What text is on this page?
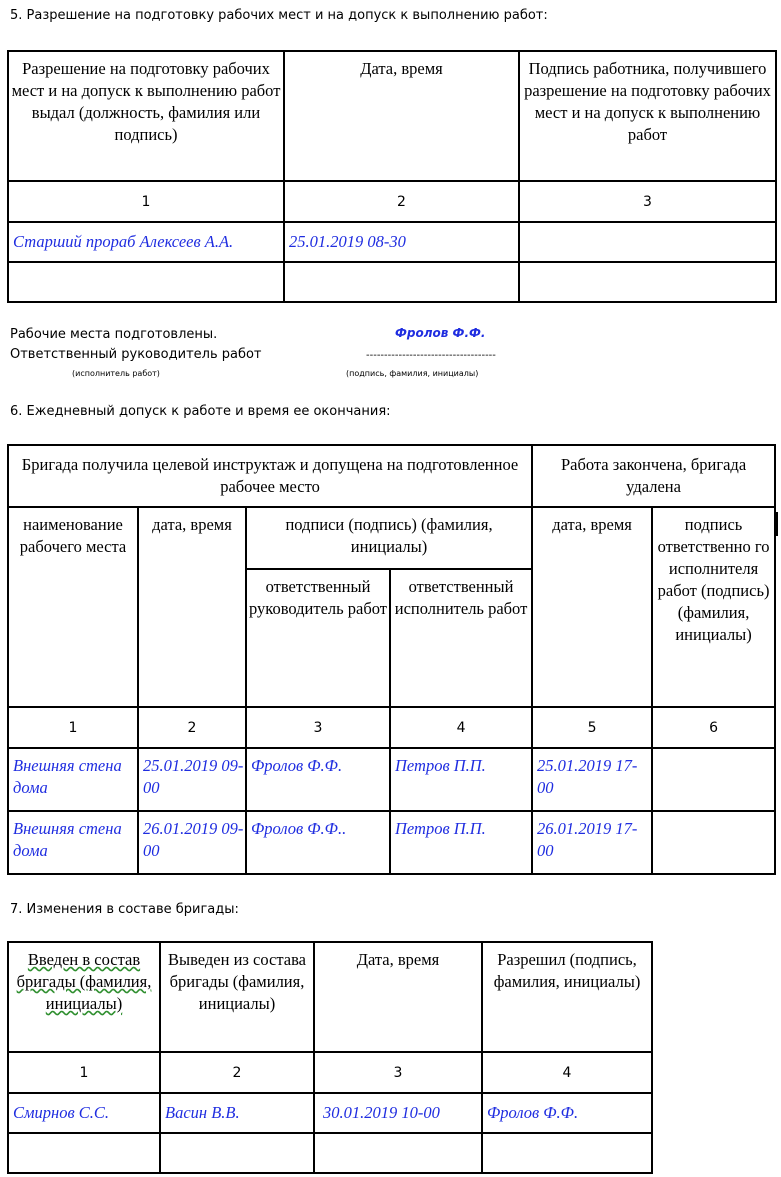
5. Разрешение на подготовку рабочих мест и на допуск к выполнению работ:
Разрешение на подготовку рабочих мест и на допуск к выполнению работ выдал (должность, фамилия или подпись)	Дата, время	Подпись работника, получившего разрешение на подготовку рабочих мест и на допуск к выполнению работ
1	2	3
Старший прораб Алексеев А.А.	25.01.2019 08-30	

Рабочие места подготовлены.
Ответственный руководитель работ
(исполнитель работ)
Фролов Ф.Ф.
------------------------------------
(подпись, фамилия, инициалы)
6. Ежедневный допуск к работе и время ее окончания:
Бригада получила целевой инструктаж и допущена на подготовленное рабочее место				Работа закончена, бригада удалена	
наименование рабочего места	дата, время	подписи (подпись) (фамилия, инициалы)		дата, время	подпись ответственно го исполнителя работ (подпись) (фамилия, инициалы)
		ответственный руководитель работ	ответственный исполнитель работ		
1	2	3	4	5	6
Внешняя стена дома	25.01.2019 09-00	Фролов Ф.Ф.	Петров П.П.	25.01.2019 17-00	
Внешняя стена дома	26.01.2019 09-00	Фролов Ф.Ф..	Петров П.П.	26.01.2019 17-00	
7. Изменения в составе бригады:
Введен в состав бригады (фамилия, инициалы)	Выведен из состава бригады (фамилия, инициалы)	Дата, время	Разрешил (подпись, фамилия, инициалы)
1	2	3	4
Смирнов С.С.	Васин В.В.	30.01.2019 10-00	Фролов Ф.Ф.
